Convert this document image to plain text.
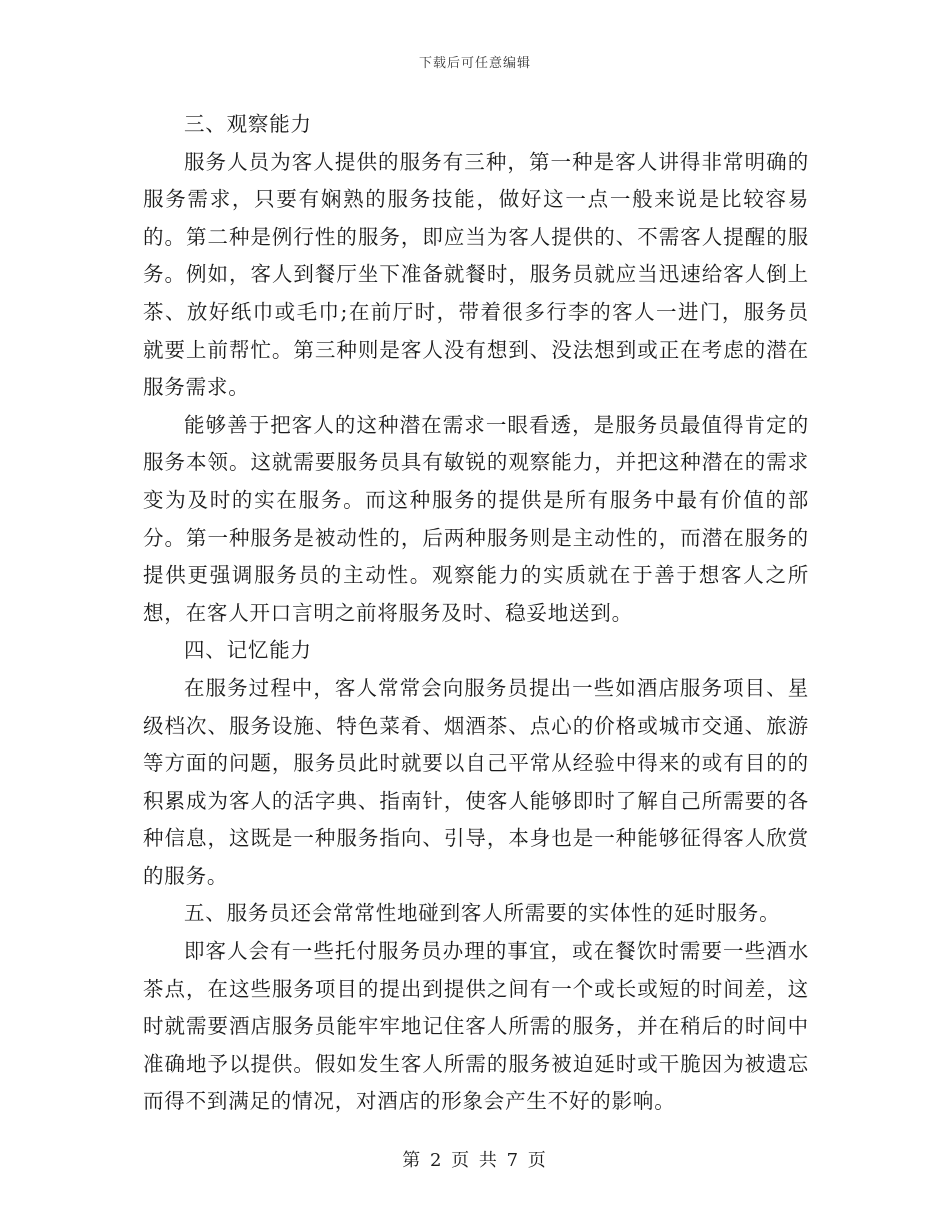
下载后可任意编辑

三、观察能力

服务人员为客人提供的服务有三种，第一种是客人讲得非常明确的服务需求，只要有娴熟的服务技能，做好这一点一般来说是比较容易的。第二种是例行性的服务，即应当为客人提供的、不需客人提醒的服务。例如，客人到餐厅坐下准备就餐时，服务员就应当迅速给客人倒上茶、放好纸巾或毛巾;在前厅时，带着很多行李的客人一进门，服务员就要上前帮忙。第三种则是客人没有想到、没法想到或正在考虑的潜在服务需求。

能够善于把客人的这种潜在需求一眼看透，是服务员最值得肯定的服务本领。这就需要服务员具有敏锐的观察能力，并把这种潜在的需求变为及时的实在服务。而这种服务的提供是所有服务中最有价值的部分。第一种服务是被动性的，后两种服务则是主动性的，而潜在服务的提供更强调服务员的主动性。观察能力的实质就在于善于想客人之所想，在客人开口言明之前将服务及时、稳妥地送到。

四、记忆能力

在服务过程中，客人常常会向服务员提出一些如酒店服务项目、星级档次、服务设施、特色菜肴、烟酒茶、点心的价格或城市交通、旅游等方面的问题，服务员此时就要以自己平常从经验中得来的或有目的的积累成为客人的活字典、指南针，使客人能够即时了解自己所需要的各种信息，这既是一种服务指向、引导，本身也是一种能够征得客人欣赏的服务。

五、服务员还会常常性地碰到客人所需要的实体性的延时服务。

即客人会有一些托付服务员办理的事宜，或在餐饮时需要一些酒水茶点，在这些服务项目的提出到提供之间有一个或长或短的时间差，这时就需要酒店服务员能牢牢地记住客人所需的服务，并在稍后的时间中准确地予以提供。假如发生客人所需的服务被迫延时或干脆因为被遗忘而得不到满足的情况，对酒店的形象会产生不好的影响。

第 2 页 共 7 页
